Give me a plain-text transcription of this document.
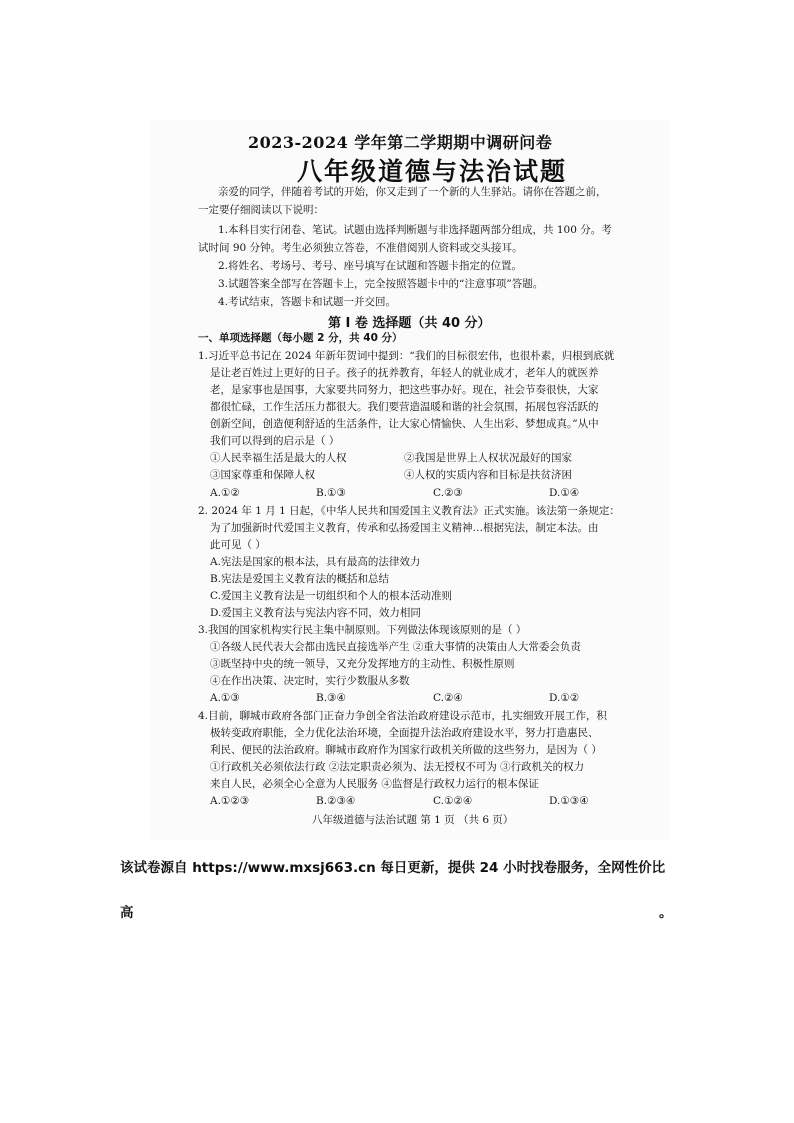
2023-2024 学年第二学期期中调研问卷
八年级道德与法治试题
亲爱的同学，伴随着考试的开始，你又走到了一个新的人生驿站。请你在答题之前，
一定要仔细阅读以下说明：
1.本科目实行闭卷、笔试。试题由选择判断题与非选择题两部分组成，共 100 分。考
试时间 90 分钟。考生必须独立答卷，不准借阅别人资料或交头接耳。
2.将姓名、考场号、考号、座号填写在试题和答题卡指定的位置。
3.试题答案全部写在答题卡上，完全按照答题卡中的“注意事项”答题。
4.考试结束，答题卡和试题一并交回。
第 I 卷 选择题（共 40 分）
一、单项选择题（每小题 2 分，共 40 分）
1.习近平总书记在 2024 年新年贺词中提到：“我们的目标很宏伟，也很朴素，归根到底就
是让老百姓过上更好的日子。孩子的抚养教育，年轻人的就业成才，老年人的就医养
老，是家事也是国事，大家要共同努力，把这些事办好。现在，社会节奏很快，大家
都很忙碌，工作生活压力都很大。我们要营造温暖和谐的社会氛围，拓展包容活跃的
创新空间，创造便利舒适的生活条件，让大家心情愉快、人生出彩、梦想成真。”从中
我们可以得到的启示是（ ）
①人民幸福生活是最大的人权	②我国是世界上人权状况最好的国家
③国家尊重和保障人权	④人权的实质内容和目标是扶贫济困
A.①②	B.①③	C.②③	D.①④
2. 2024 年 1 月 1 日起，《中华人民共和国爱国主义教育法》正式实施。该法第一条规定：
为了加强新时代爱国主义教育，传承和弘扬爱国主义精神…根据宪法，制定本法。由
此可见（ ）
A.宪法是国家的根本法，具有最高的法律效力
B.宪法是爱国主义教育法的概括和总结
C.爱国主义教育法是一切组织和个人的根本活动准则
D.爱国主义教育法与宪法内容不同，效力相同
3.我国的国家机构实行民主集中制原则。下列做法体现该原则的是（ ）
①各级人民代表大会都由选民直接选举产生 ②重大事情的决策由人大常委会负责
③既坚持中央的统一领导，又充分发挥地方的主动性、积极性原则
④在作出决策、决定时，实行少数服从多数
A.①③	B.③④	C.②④	D.①②
4.目前，聊城市政府各部门正奋力争创全省法治政府建设示范市，扎实细致开展工作，积
极转变政府职能，全力优化法治环境，全面提升法治政府建设水平，努力打造惠民、
利民、便民的法治政府。聊城市政府作为国家行政机关所做的这些努力，是因为（ ）
①行政机关必须依法行政 ②法定职责必须为、法无授权不可为 ③行政机关的权力
来自人民，必须全心全意为人民服务 ④监督是行政权力运行的根本保证
A.①②③	B.②③④	C.①②④	D.①③④
八年级道德与法治试题 第 1 页 （共 6 页）
该试卷源自 https://www.mxsj663.cn 每日更新，提供 24 小时找卷服务，全网性价比
高	。
